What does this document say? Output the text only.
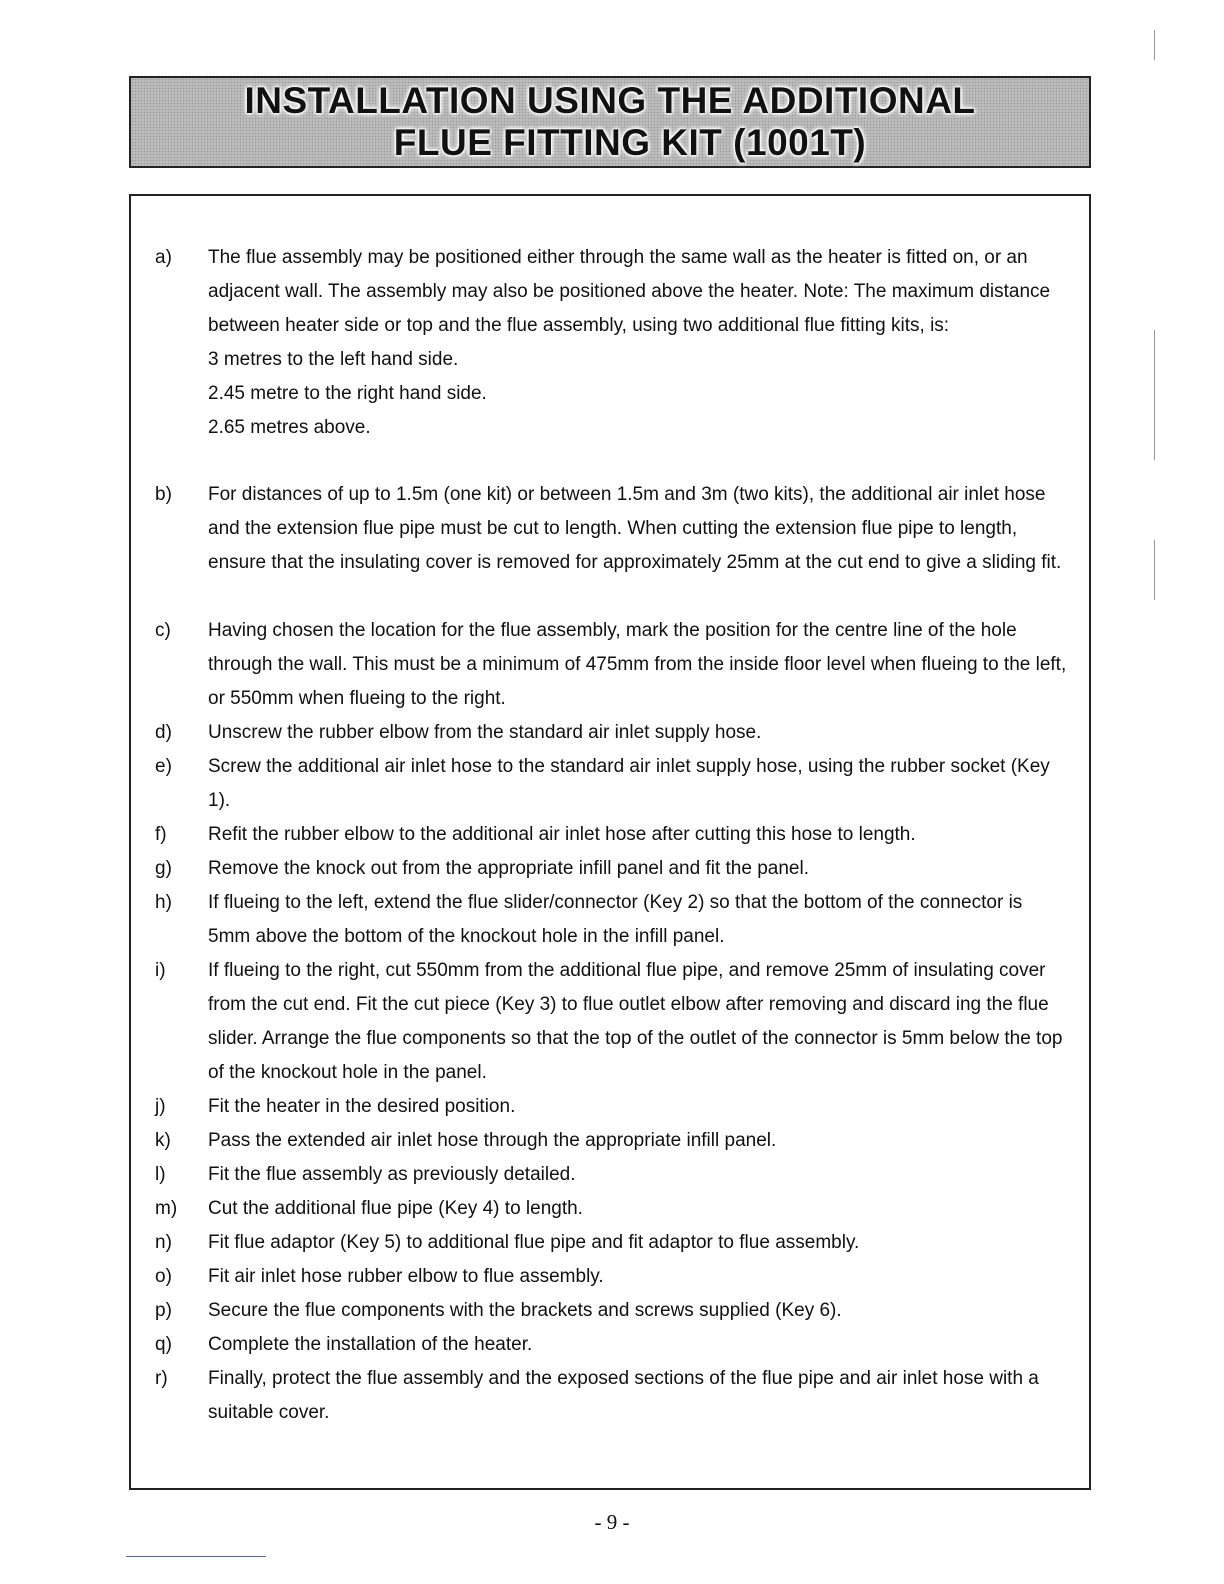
INSTALLATION USING THE ADDITIONAL
FLUE FITTING KIT (1001T)
a)	The flue assembly may be positioned either through the same wall as the heater is fitted on, or an adjacent wall. The assembly may also be positioned above the heater. Note: The maximum distance between heater side or top and the flue assembly, using two additional flue fitting kits, is:

3 metres to the left hand side.

2.45 metre to the right hand side.

2.65 metres above.

b)	For distances of up to 1.5m (one kit) or between 1.5m and 3m (two kits), the additional air inlet hose and the extension flue pipe must be cut to length. When cutting the extension flue pipe to length, ensure that the insulating cover is removed for approximately 25mm at the cut end to give a sliding fit.

c)	Having chosen the location for the flue assembly, mark the position for the centre line of the hole through the wall. This must be a minimum of 475mm from the inside floor level when flueing to the left, or 550mm when flueing to the right.

d)	Unscrew the rubber elbow from the standard air inlet supply hose.

e)	Screw the additional air inlet hose to the standard air inlet supply hose, using the rubber socket (Key 1).

f)	Refit the rubber elbow to the additional air inlet hose after cutting this hose to length.

g)	Remove the knock out from the appropriate infill panel and fit the panel.

h)	If flueing to the left, extend the flue slider/connector (Key 2) so that the bottom of the connector is 5mm above the bottom of the knockout hole in the infill panel.

i)	If flueing to the right, cut 550mm from the additional flue pipe, and remove 25mm of insulating cover from the cut end. Fit the cut piece (Key 3) to flue outlet elbow after removing and discard ing the flue slider. Arrange the flue components so that the top of the outlet of the connector is 5mm below the top of the knockout hole in the panel.

j)	Fit the heater in the desired position.

k)	Pass the extended air inlet hose through the appropriate infill panel.

l)	Fit the flue assembly as previously detailed.

m)	Cut the additional flue pipe (Key 4) to length.

n)	Fit flue adaptor (Key 5) to additional flue pipe and fit adaptor to flue assembly.

o)	Fit air inlet hose rubber elbow to flue assembly.

p)	Secure the flue components with the brackets and screws supplied (Key 6).

q)	Complete the installation of the heater.

r)	Finally, protect the flue assembly and the exposed sections of the flue pipe and air inlet hose with a suitable cover.

- 9 -
